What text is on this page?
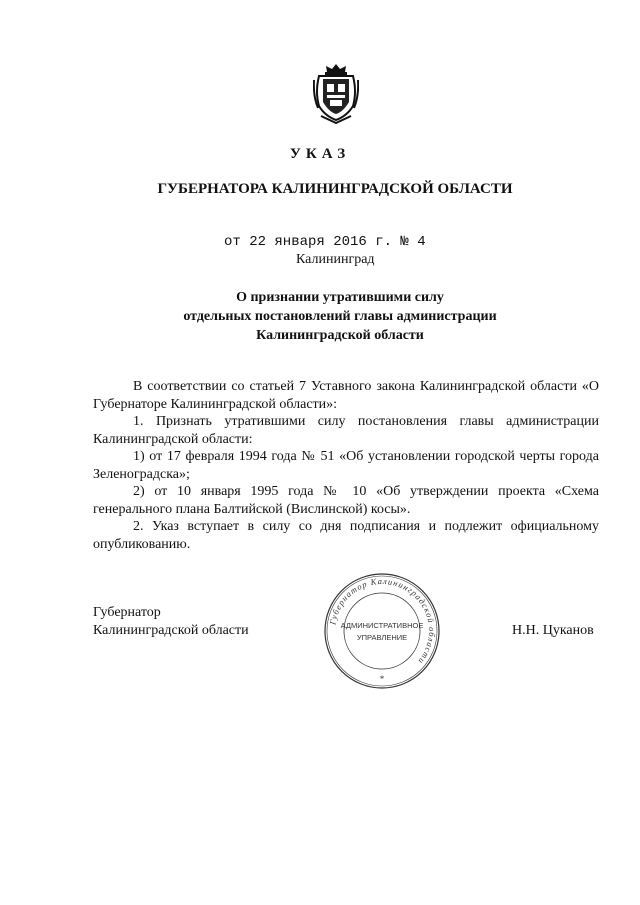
УКАЗ
ГУБЕРНАТОРА КАЛИНИНГРАДСКОЙ ОБЛАСТИ
от 22 января 2016 г. № 4
Калининград
О признании утратившими силу
отдельных постановлений главы администрации
Калининградской области

В соответствии со статьей 7 Уставного закона Калининградской области «О Губернаторе Калининградской области»:

1. Признать утратившими силу постановления главы администрации Калининградской области:

1) от 17 февраля 1994 года № 51 «Об установлении городской черты города Зеленоградска»;

2) от 10 января 1995 года № 10 «Об утверждении проекта «Схема генерального плана Балтийской (Вислинской) косы».

2. Указ вступает в силу со дня подписания и подлежит официальному опубликованию.

Губернатор
Калининградской области	Н.Н. Цуканов
Губернатор Калининградской области
АДМИНИСТРАТИВНОЕ
УПРАВЛЕНИЕ
*
